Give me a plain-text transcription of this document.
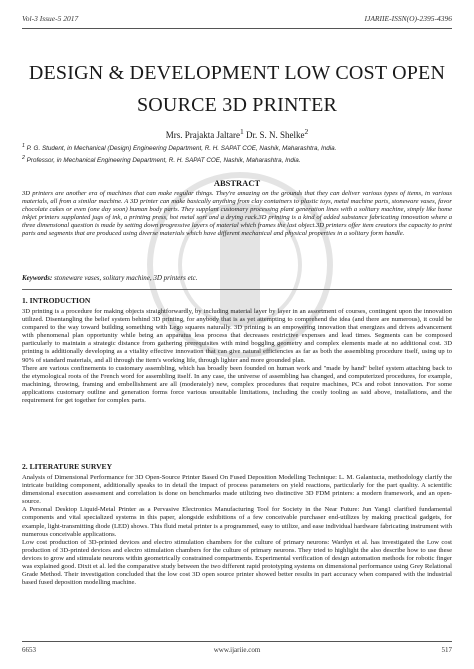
Vol-3 Issue-5 2017	IJARIIE-ISSN(O)-2395-4396
DESIGN & DEVELOPMENT LOW COST OPEN
SOURCE 3D PRINTER
Mrs. Prajakta Jaltare$^1$ Dr. S. N. Shelke$^2$
$^1$ P. G. Student, in Mechanical (Design) Engineering Department, R. H. SAPAT COE, Nashik, Maharashtra, India.
$^2$ Professor, in Mechanical Engineering Department, R. H. SAPAT COE, Nashik, Maharashtra, India.
ABSTRACT
3D printers are another era of machines that can make regular things. They're amazing on the grounds that they can deliver various types of items, in various materials, all from a similar machine. A 3D printer can make basically anything from clay containers to plastic toys, metal machine parts, stoneware vases, favor chocolate cakes or even (one day soon) human body parts. They supplant customary processing plant generation lines with a solitary machine, simply like home inkjet printers supplanted jugs of ink, a printing press, hot metal sort and a drying rack.3D printing is a kind of added substance fabricating innovation where a three dimensional question is made by setting down progressive layers of material which frames the last object.3D printers offer item creators the capacity to print parts and segments that are produced using diverse materials which have different mechanical and physical properties in a solitary form handle.
Keywords: stoneware vases, solitary machine, 3D printers etc.
1. INTRODUCTION

3D printing is a procedure for making objects straightforwardly, by including material layer by layer in an assortment of courses, contingent upon the innovation utilized. Disentangling the belief system behind 3D printing, for anybody that is as yet attempting to comprehend the idea (and there are numerous), it could be compared to the way toward building something with Lego squares naturally. 3D printing is an empowering innovation that energizes and drives advancement with phenomenal plan opportunity while being an apparatus less process that decreases restrictive expenses and lead times. Segments can be composed particularly to maintain a strategic distance from gathering prerequisites with mind boggling geometry and complex elements made at no additional cost. 3D printing is additionally developing as a vitality effective innovation that can give natural efficiencies as far as both the assembling procedure itself, using up to 90% of standard materials, and all through the item's working life, through lighter and more grounded plan.

There are various confinements to customary assembling, which has broadly been founded on human work and "made by hand" belief system attaching back to the etymological roots of the French word for assembling itself. In any case, the universe of assembling has changed, and computerized procedures, for example, machining, throwing, framing and embellishment are all (moderately) new, complex procedures that require machines, PCs and robot innovation. For some applications customary outline and generation forms force various unsuitable limitations, including the costly tooling as said above, installations, and the requirement for get together for complex parts.

2. LITERATURE SURVEY

Analysis of Dimensional Performance for 3D Open-Source Printer Based On Fused Deposition Modelling Technique: L. M. Galantucia, methodology clarify the intricate building component, additionally speaks to in detail the impact of process parameters on yield reactions, particularly for the part quality. A scientific dimensional execution assessment and correlation is done on benchmarks made utilizing two distinctive 3D FDM printers: a modern framework, and an open-source.

A Personal Desktop Liquid-Metal Printer as a Pervasive Electronics Manufacturing Tool for Society in the Near Future: Jun Yang1 clarified fundamental components and vital specialized systems in this paper, alongside exhibitions of a few conceivable purchaser end-utilizes by making practical gadgets, for example, light-transmitting diode (LED) shows. This fluid metal printer is a programmed, easy to utilize, and ease individual hardware fabricating instrument with numerous conceivable applications.

Low cost production of 3D-printed devices and electro stimulation chambers for the culture of primary neurons: Wardyn et al. has investigated the Low cost production of 3D-printed devices and electro stimulation chambers for the culture of primary neurons. They tried to highlight the also describe how to use these devices to grow and stimulate neurons within geometrically constrained compartments. Experimental verification of design automation methods for robotic finger was explained good. Dixit et al. led the comparative study between the two different rapid prototyping systems on dimensional performance using Grey Relational Grade Method. Their investigation concluded that the low cost 3D open source printer showed better results in part accuracy when compared with the industrial based fused deposition modelling machine.

6653	www.ijariie.com	517
